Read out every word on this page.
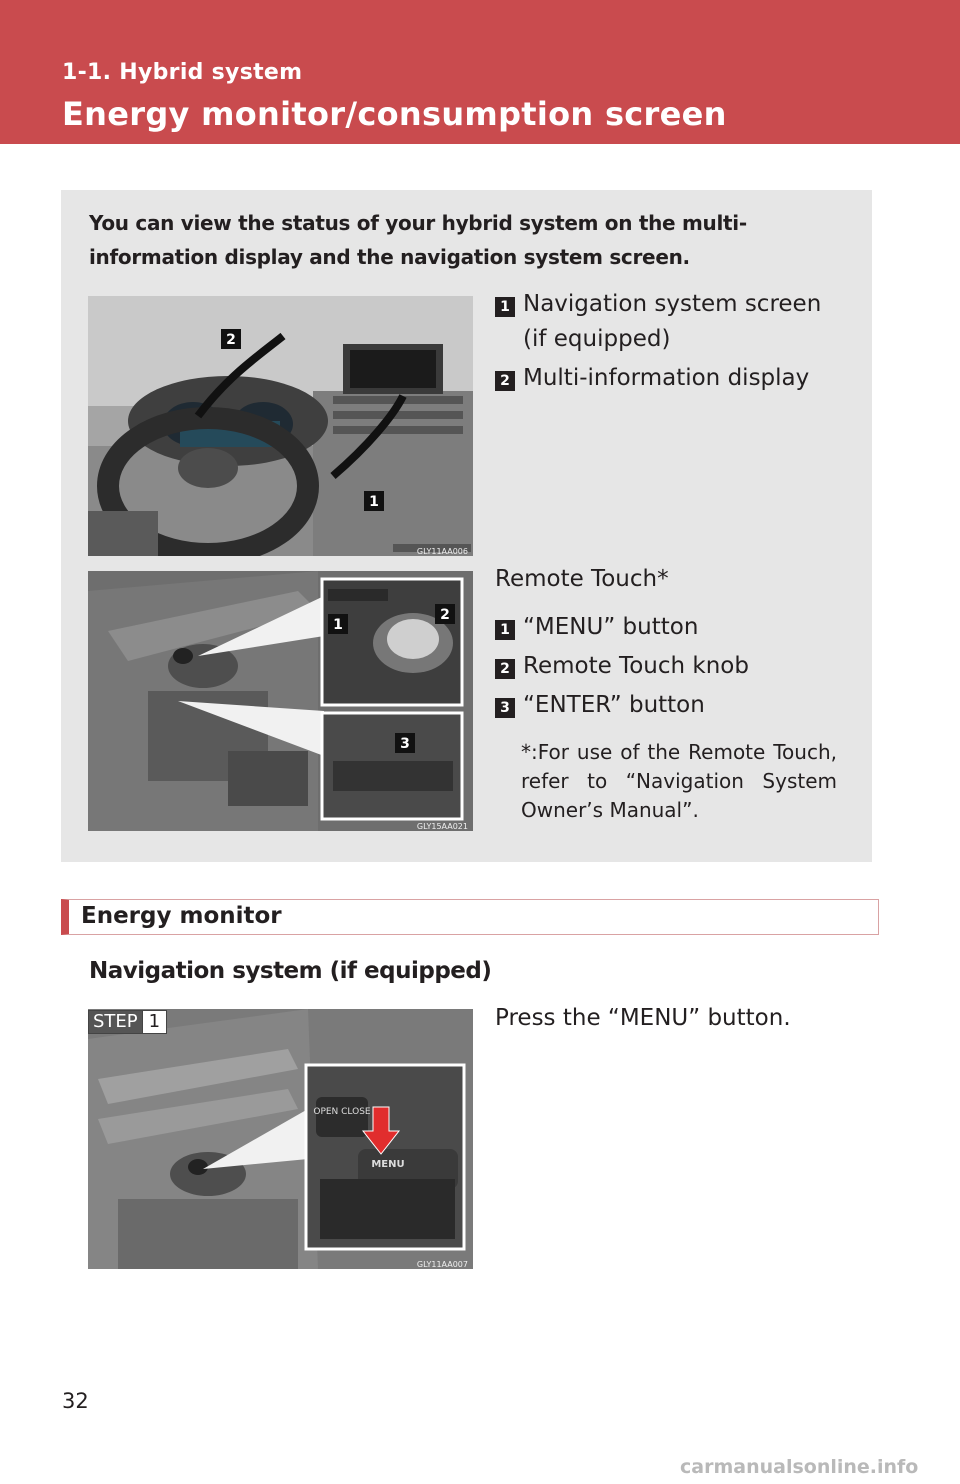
1-1. Hybrid system
Energy monitor/consumption screen
You can view the status of your hybrid system on the multi-information display and the navigation system screen.
2
1
GLY11AA006
1 Navigation system screen (if equipped)
2 Multi-information display
1
2
3
GLY15AA021
Remote Touch*
1 “MENU” button
2 Remote Touch knob
3 “ENTER” button
*:For use of the Remote Touch, refer to “Navigation System Owner’s Manual”.
Energy monitor
Navigation system (if equipped)
OPEN CLOSE
MENU
GLY11AA007
STEP 1	Press the “MENU” button.
32
carmanualsonline.info
